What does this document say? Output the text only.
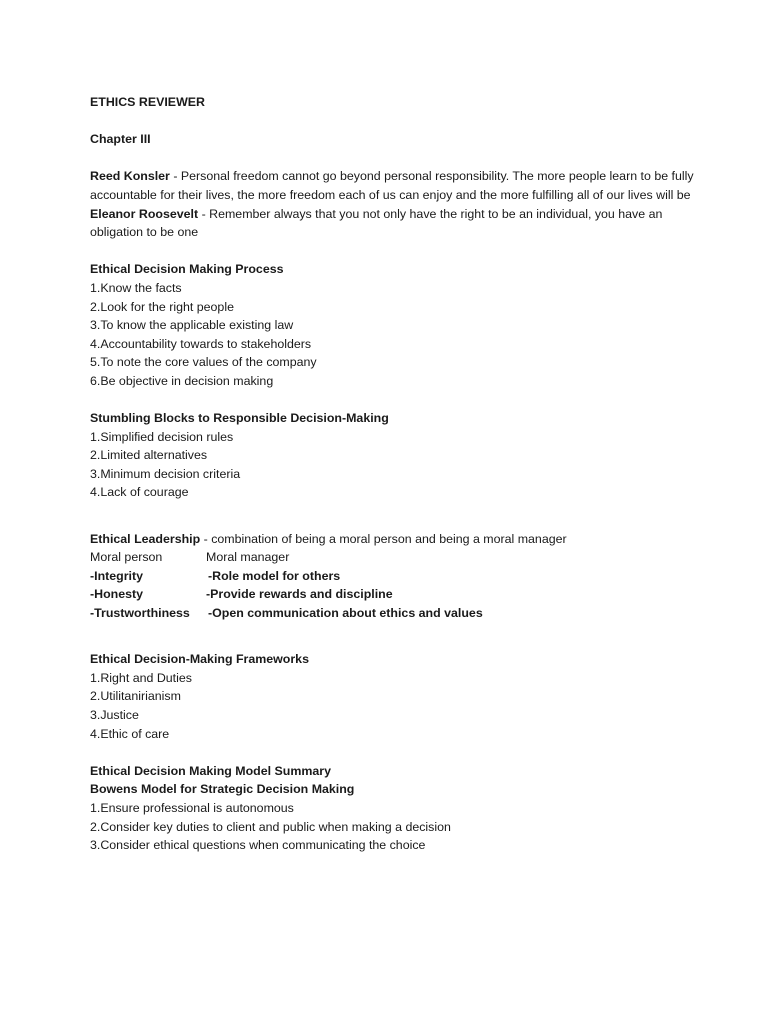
ETHICS REVIEWER
Chapter III
Reed Konsler - Personal freedom cannot go beyond personal responsibility. The more people learn to be fully accountable for their lives, the more freedom each of us can enjoy and the more fulfilling all of our lives will be
Eleanor Roosevelt - Remember always that you not only have the right to be an individual, you have an obligation to be one
Ethical Decision Making Process
1.Know the facts
2.Look for the right people
3.To know the applicable existing law
4.Accountability towards to stakeholders
5.To note the core values of the company
6.Be objective in decision making
Stumbling Blocks to Responsible Decision-Making
1.Simplified decision rules
2.Limited alternatives
3.Minimum decision criteria
4.Lack of courage
Ethical Leadership - combination of being a moral person and being a moral manager
Moral person	Moral manager
-Integrity	-Role model for others
-Honesty	-Provide rewards and discipline
-Trustworthiness -Open communication about ethics and values
Ethical Decision-Making Frameworks
1.Right and Duties
2.Utilitanirianism
3.Justice
4.Ethic of care
Ethical Decision Making Model Summary
Bowens Model for Strategic Decision Making
1.Ensure professional is autonomous
2.Consider key duties to client and public when making a decision
3.Consider ethical questions when communicating the choice
